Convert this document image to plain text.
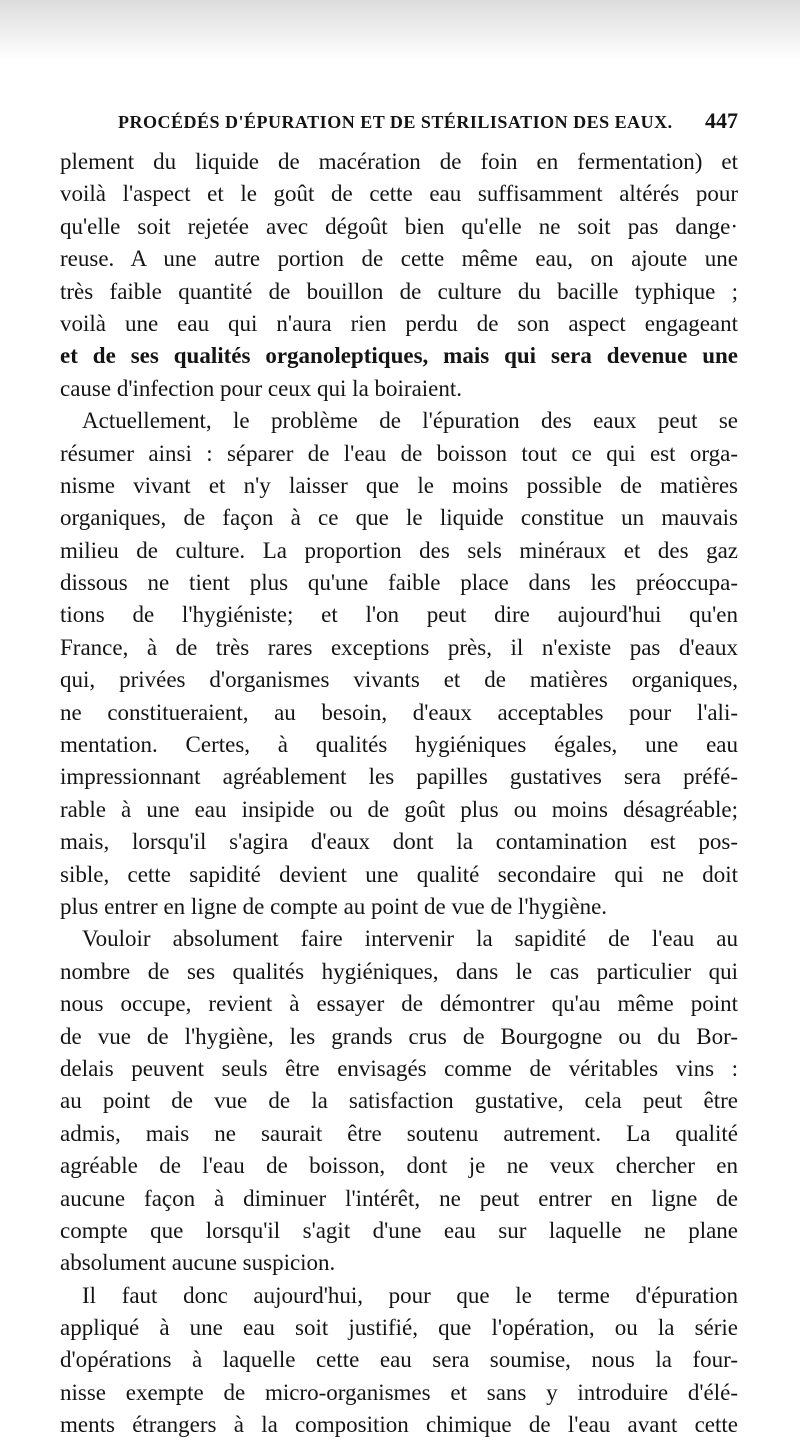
PROCÉDÉS D'ÉPURATION ET DE STÉRILISATION DES EAUX. 447
plement du liquide de macération de foin en fermentation) et
voilà l'aspect et le goût de cette eau suffisamment altérés pour
qu'elle soit rejetée avec dégoût bien qu'elle ne soit pas dange·
reuse. A une autre portion de cette même eau, on ajoute une
très faible quantité de bouillon de culture du bacille typhique ;
voilà une eau qui n'aura rien perdu de son aspect engageant
et de ses qualités organoleptiques, mais qui sera devenue une
cause d'infection pour ceux qui la boiraient.
Actuellement, le problème de l'épuration des eaux peut se
résumer ainsi : séparer de l'eau de boisson tout ce qui est orga-
nisme vivant et n'y laisser que le moins possible de matières
organiques, de façon à ce que le liquide constitue un mauvais
milieu de culture. La proportion des sels minéraux et des gaz
dissous ne tient plus qu'une faible place dans les préoccupa-
tions de l'hygiéniste; et l'on peut dire aujourd'hui qu'en
France, à de très rares exceptions près, il n'existe pas d'eaux
qui, privées d'organismes vivants et de matières organiques,
ne constitueraient, au besoin, d'eaux acceptables pour l'ali-
mentation. Certes, à qualités hygiéniques égales, une eau
impressionnant agréablement les papilles gustatives sera préfé-
rable à une eau insipide ou de goût plus ou moins désagréable;
mais, lorsqu'il s'agira d'eaux dont la contamination est pos-
sible, cette sapidité devient une qualité secondaire qui ne doit
plus entrer en ligne de compte au point de vue de l'hygiène.
Vouloir absolument faire intervenir la sapidité de l'eau au
nombre de ses qualités hygiéniques, dans le cas particulier qui
nous occupe, revient à essayer de démontrer qu'au même point
de vue de l'hygiène, les grands crus de Bourgogne ou du Bor-
delais peuvent seuls être envisagés comme de véritables vins :
au point de vue de la satisfaction gustative, cela peut être
admis, mais ne saurait être soutenu autrement. La qualité
agréable de l'eau de boisson, dont je ne veux chercher en
aucune façon à diminuer l'intérêt, ne peut entrer en ligne de
compte que lorsqu'il s'agit d'une eau sur laquelle ne plane
absolument aucune suspicion.
Il faut donc aujourd'hui, pour que le terme d'épuration
appliqué à une eau soit justifié, que l'opération, ou la série
d'opérations à laquelle cette eau sera soumise, nous la four-
nisse exempte de micro-organismes et sans y introduire d'élé-
ments étrangers à la composition chimique de l'eau avant cette
